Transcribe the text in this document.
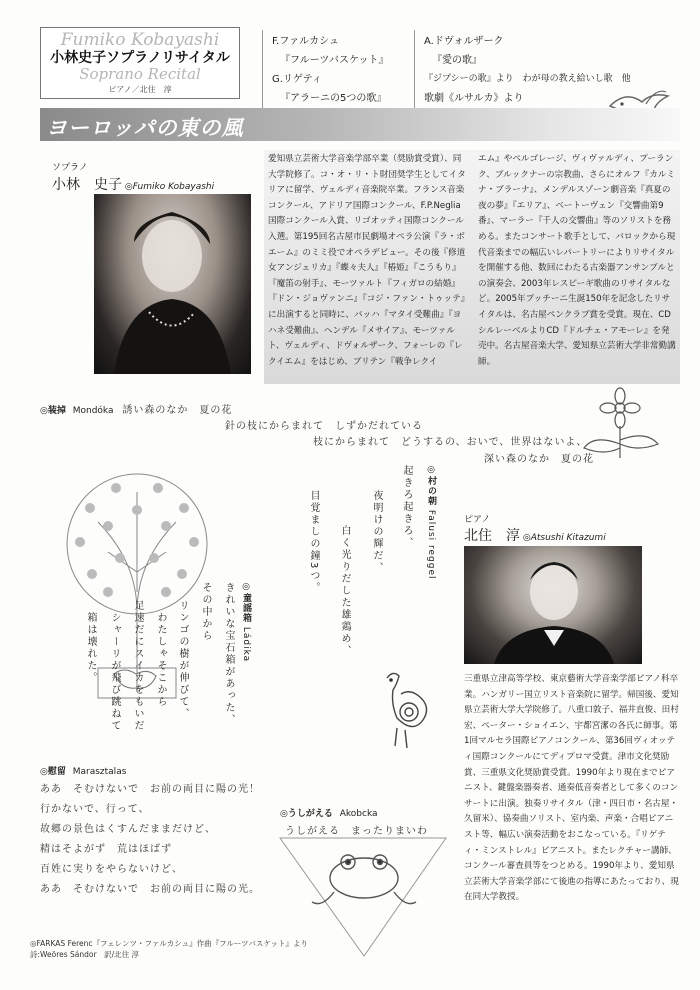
Fumiko Kobayashi
小林史子ソプラノリサイタル
Soprano Recital
ピアノ／北住　淳
F.ファルカシュ
『フルーツバスケット』
G.リゲティ
『アラーニの5つの歌』
A.ドヴォルザーク
『愛の歌』
『ジプシーの歌』より　わが母の教え給いし歌　他
歌劇《ルサルカ》より
ヨーロッパの東の風
ソプラノ
小林　史子 ◎Fumiko Kobayashi

愛知県立芸術大学音楽学部卒業（奨励賞受賞）、同大学院修了。コ・オ・リ・ト財団奨学生としてイタリアに留学、ヴェルディ音楽院卒業。フランス音楽コンクール、アドリア国際コンクール、F.P.Neglia国際コンクール入賞、リゴオッティ国際コンクール入選。第195回名古屋市民劇場オペラ公演『ラ・ボエーム』のミミ役でオペラデビュー。その後『修道女アンジェリカ』『蝶々夫人』『椿姫』『こうもり』『魔笛の射手』、モーツァルト『フィガロの結婚』『ドン・ジョヴァンニ』『コジ・ファン・トゥッテ』に出演すると同時に、バッハ『マタイ受難曲』『ヨハネ受難曲』、ヘンデル『メサイア』、モーツァルト、ヴェルディ、ドヴォルザーク、フォーレの『レクイエム』をはじめ、ブリテン『戦争レクイ

エム』やペルゴレージ、ヴィヴァルディ、プーランク、ブルックナーの宗教曲、さらにオルフ『カルミナ・ブラーナ』、メンデルスゾーン劇音楽『真夏の夜の夢』『エリア』、ベートーヴェン『交響曲第9番』、マーラー『千人の交響曲』等のソリストを務める。またコンサート歌手として、バロックから現代音楽までの幅広いレパートリーによりリサイタルを開催する他、数回にわたる古楽器アンサンブルとの演奏会、2003年レスピーギ歌曲のリサイタルなど。2005年プッチーニ生誕150年を記念したリサイタルは、名古屋ペンクラブ賞を受賞。現在、CDシルレーベルよりCD『ドルチェ・アモーレ』を発売中。名古屋音楽大学、愛知県立芸術大学非常勤講師。

◎装掉 Mondóka 誘い森のなか　夏の花
針の枝にからまれて　しずかだれている
枝にからまれて　どうするの、おいで、世界はないよ、
深い森のなか　夏の花
◎村の朝 Falusi reggel
起きろ起きろ、
夜明けの輝だ、
白く光りだした雄鶏め、
目覚ましの鐘3つ。
◎童謡箱 Ládika
きれいな宝石箱があった、
その中から
リンゴの樹が伸びて、
わたしゃそこから
足速だにスイカをもいだ
シャーリが飛び跳ねて
箱は壊れた。
ピアノ
北住　淳 ◎Atsushi Kitazumi

三重県立津高等学校、東京藝術大学音楽学部ピアノ科卒業。ハンガリー国立リスト音楽院に留学。帰国後、愛知県立芸術大学大学院修了。八重口敦子、福井直俊、田村宏、ペーター・ショイエン、宇都宮潔の各氏に師事。第1回マルセラ国際ピアノコンクール、第36回ヴィオッティ国際コンクールにてディプロマ受賞。津市文化奨励賞、三重県文化奨励賞受賞。1990年より現在までピアニスト、鍵盤楽器奏者、通奏低音奏者として多くのコンサートに出演。独奏リサイタル（津・四日市・名古屋・久留米）、協奏曲ソリスト、室内楽、声楽・合唱ピアニスト等、幅広い演奏活動をおこなっている。『リゲティ・ミンストレル』ピアニスト。またレクチャー講師、コンクール審査員等をつとめる。1990年より、愛知県立芸術大学音楽学部にて後進の指導にあたっており、現在同大学教授。

◎慰留 Marasztalas
ああ　そむけないで　お前の両目に陽の光！
行かないで、行って、
故郷の景色はくすんだままだけど、
精はそよがず　荒はほばず
百姓に実りをやらないけど、
ああ　そむけないで　お前の両目に陽の光。
◎うしがえる Akobcka
うしがえる　まったりまいわ
◎FARKAS Ferenc『フェレンツ・ファルカシュ』作曲『フルーツバスケット』より
詩:Weöres Sándor　訳/北住 淳
